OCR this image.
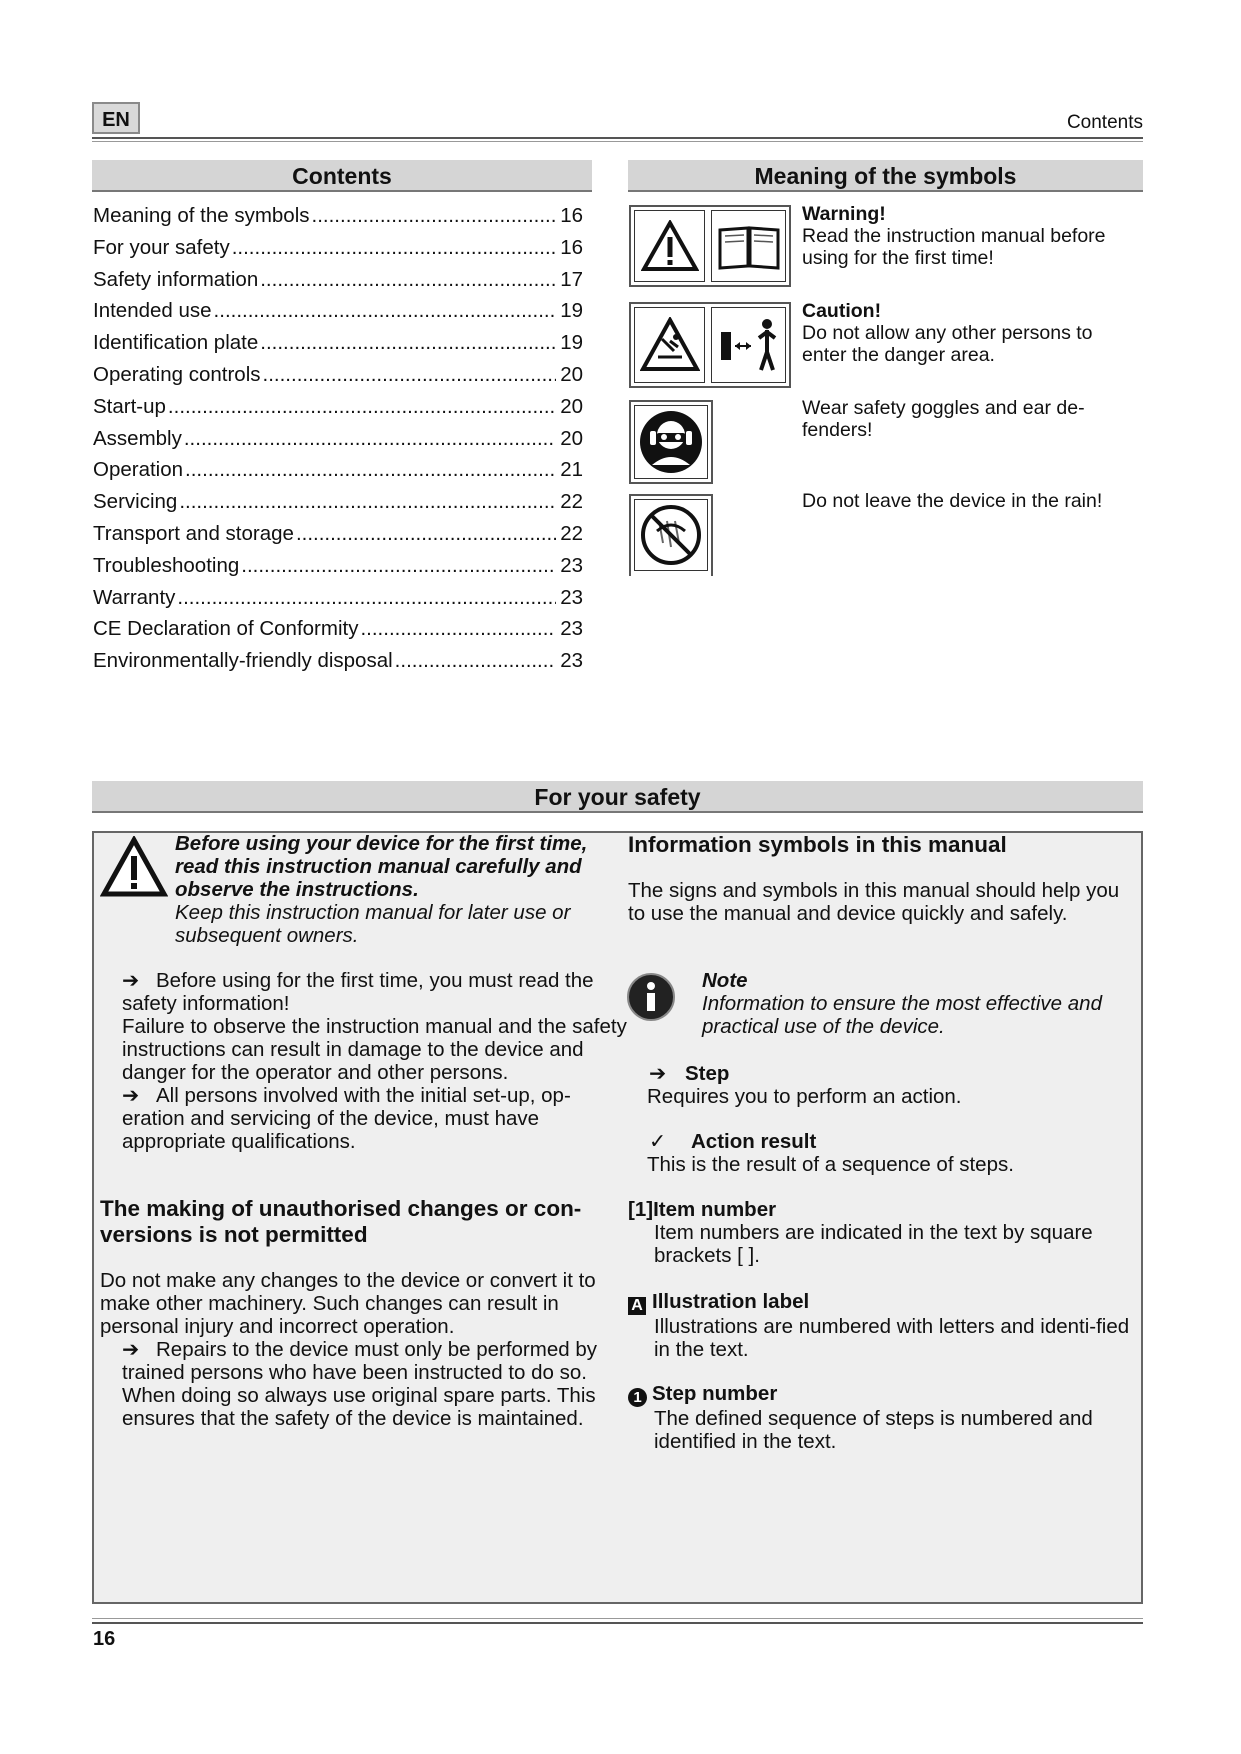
EN	Contents
Contents
Meaning of the symbols .....	16
For your safety .....	16
Safety information .....	17
Intended use .....	19
Identification plate .....	19
Operating controls .....	20
Start-up .....	20
Assembly .....	20
Operation .....	21
Servicing .....	22
Transport and storage .....	22
Troubleshooting .....	23
Warranty .....	23
CE Declaration of Conformity .....	23
Environmentally-friendly disposal .....	23
Meaning of the symbols
Warning!
Read the instruction manual before using for the first time!
Caution!
Do not allow any other persons to enter the danger area.
Wear safety goggles and ear de-fenders!
Do not leave the device in the rain!
For your safety
Before using your device for the first time, read this instruction manual carefully and observe the instructions.
Keep this instruction manual for later use or subsequent owners.
➔ Before using for the first time, you must read the safety information!
Failure to observe the instruction manual and the safety instructions can result in damage to the device and danger for the operator and other persons.
➔ All persons involved with the initial set-up, op-eration and servicing of the device, must have appropriate qualifications.
The making of unauthorised changes or con-versions is not permitted
Do not make any changes to the device or convert it to make other machinery. Such changes can result in personal injury and incorrect operation.
➔ Repairs to the device must only be performed by trained persons who have been instructed to do so. When doing so always use original spare parts. This ensures that the safety of the device is maintained.
Information symbols in this manual
The signs and symbols in this manual should help you to use the manual and device quickly and safely.
Note
Information to ensure the most effective and practical use of the device.
➔ Step
Requires you to perform an action.
✓ Action result
This is the result of a sequence of steps.
[1]Item number
Item numbers are indicated in the text by square brackets [ ].
A Illustration label
Illustrations are numbered with letters and identi-fied in the text.
1 Step number
The defined sequence of steps is numbered and identified in the text.
16
